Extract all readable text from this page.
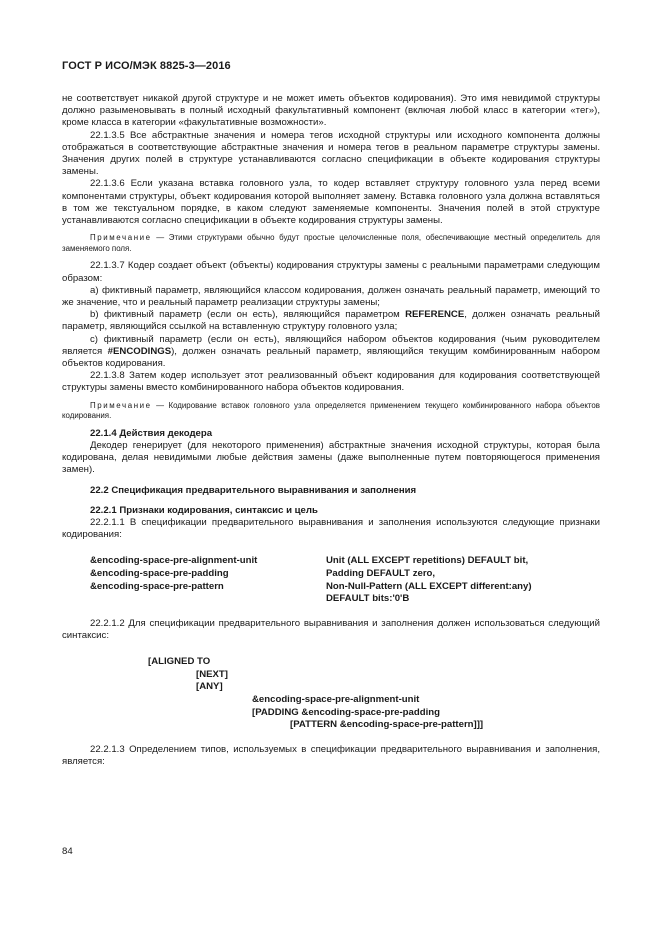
ГОСТ Р ИСО/МЭК 8825-3—2016

не соответствует никакой другой структуре и не может иметь объектов кодирования). Это имя невидимой структуры должно разыменовывать в полный исходный факультативный компонент (включая любой класс в категории «тег»), кроме класса в категории «факультативные возможности».

22.1.3.5 Все абстрактные значения и номера тегов исходной структуры или исходного компонента должны отображаться в соответствующие абстрактные значения и номера тегов в реальном параметре структуры замены. Значения других полей в структуре устанавливаются согласно спецификации в объекте кодирования структуры замены.

22.1.3.6 Если указана вставка головного узла, то кодер вставляет структуру головного узла перед всеми компонентами структуры, объект кодирования которой выполняет замену. Вставка головного узла должна вставляться в том же текстуальном порядке, в каком следуют заменяемые компоненты. Значения полей в этой структуре устанавливаются согласно спецификации в объекте кодирования структуры замены.

Примечание — Этими структурами обычно будут простые целочисленные поля, обеспечивающие местный определитель для заменяемого поля.

22.1.3.7 Кодер создает объект (объекты) кодирования структуры замены с реальными параметрами следующим образом:

a) фиктивный параметр, являющийся классом кодирования, должен означать реальный параметр, имеющий то же значение, что и реальный параметр реализации структуры замены;

b) фиктивный параметр (если он есть), являющийся параметром REFERENCE, должен означать реальный параметр, являющийся ссылкой на вставленную структуру головного узла;

c) фиктивный параметр (если он есть), являющийся набором объектов кодирования (чьим руководителем является #ENCODINGS), должен означать реальный параметр, являющийся текущим комбинированным набором объектов кодирования.

22.1.3.8 Затем кодер использует этот реализованный объект кодирования для кодирования соответствующей структуры замены вместо комбинированного набора объектов кодирования.

Примечание — Кодирование вставок головного узла определяется применением текущего комбинированного набора объектов кодирования.

22.1.4 Действия декодера

Декодер генерирует (для некоторого применения) абстрактные значения исходной структуры, которая была кодирована, делая невидимыми любые действия замены (даже выполненные путем повторяющегося применения замен).

22.2 Спецификация предварительного выравнивания и заполнения

22.2.1 Признаки кодирования, синтаксис и цель

22.2.1.1 В спецификации предварительного выравнивания и заполнения используются следующие признаки кодирования:

&encoding-space-pre-alignment-unit	Unit (ALL EXCEPT repetitions) DEFAULT bit,
&encoding-space-pre-padding	Padding DEFAULT zero,
&encoding-space-pre-pattern	Non-Null-Pattern (ALL EXCEPT different:any)
DEFAULT bits:'0'B

22.2.1.2 Для спецификации предварительного выравнивания и заполнения должен использоваться следующий синтаксис:

[ALIGNED TO
[NEXT]
[ANY]
&encoding-space-pre-alignment-unit
[PADDING &encoding-space-pre-padding
[PATTERN &encoding-space-pre-pattern]]]

22.2.1.3 Определением типов, используемых в спецификации предварительного выравнивания и заполнения, является:

84
